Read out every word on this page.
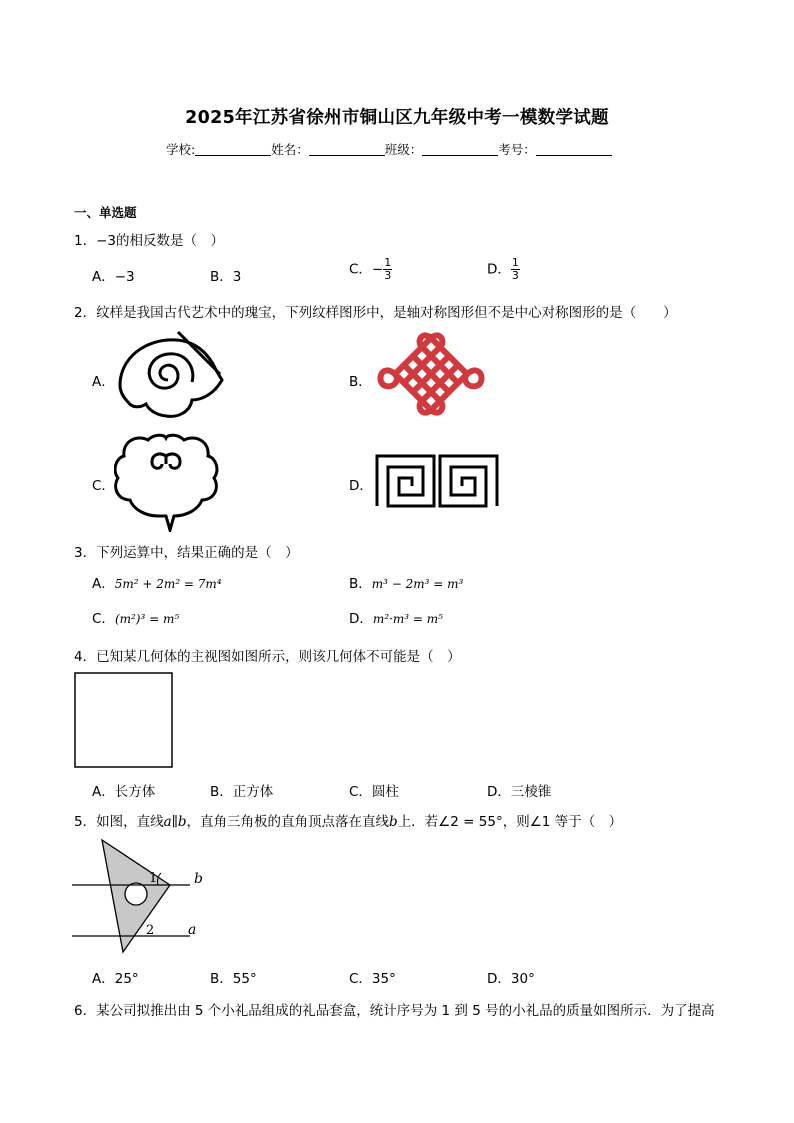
2025年江苏省徐州市铜山区九年级中考一模数学试题
学校:	姓名：	班级：	考号：
一、单选题
1．−3的相反数是（　）
A．−3	B．3	C．− $\frac{1}{3}$	D． $\frac{1}{3}$
2．纹样是我国古代艺术中的瑰宝，下列纹样图形中，是轴对称图形但不是中心对称图形的是（　　）
A．	B．
C．	D．
3．下列运算中，结果正确的是（　）
A．5m² + 2m² = 7m⁴	B．m³ − 2m³ = m³
C．(m²)³ = m⁵	D．m²·m³ = m⁵
4．已知某几何体的主视图如图所示，则该几何体不可能是（　）
A．长方体	B．正方体	C．圆柱	D．三棱锥
5．如图，直线a∥b，直角三角板的直角顶点落在直线b上．若∠2 = 55°，则∠1 等于（　）
1	b
a
2
A．25°	B．55°	C．35°	D．30°
6．某公司拟推出由 5 个小礼品组成的礼品套盒，统计序号为 1 到 5 号的小礼品的质量如图所示．为了提高
